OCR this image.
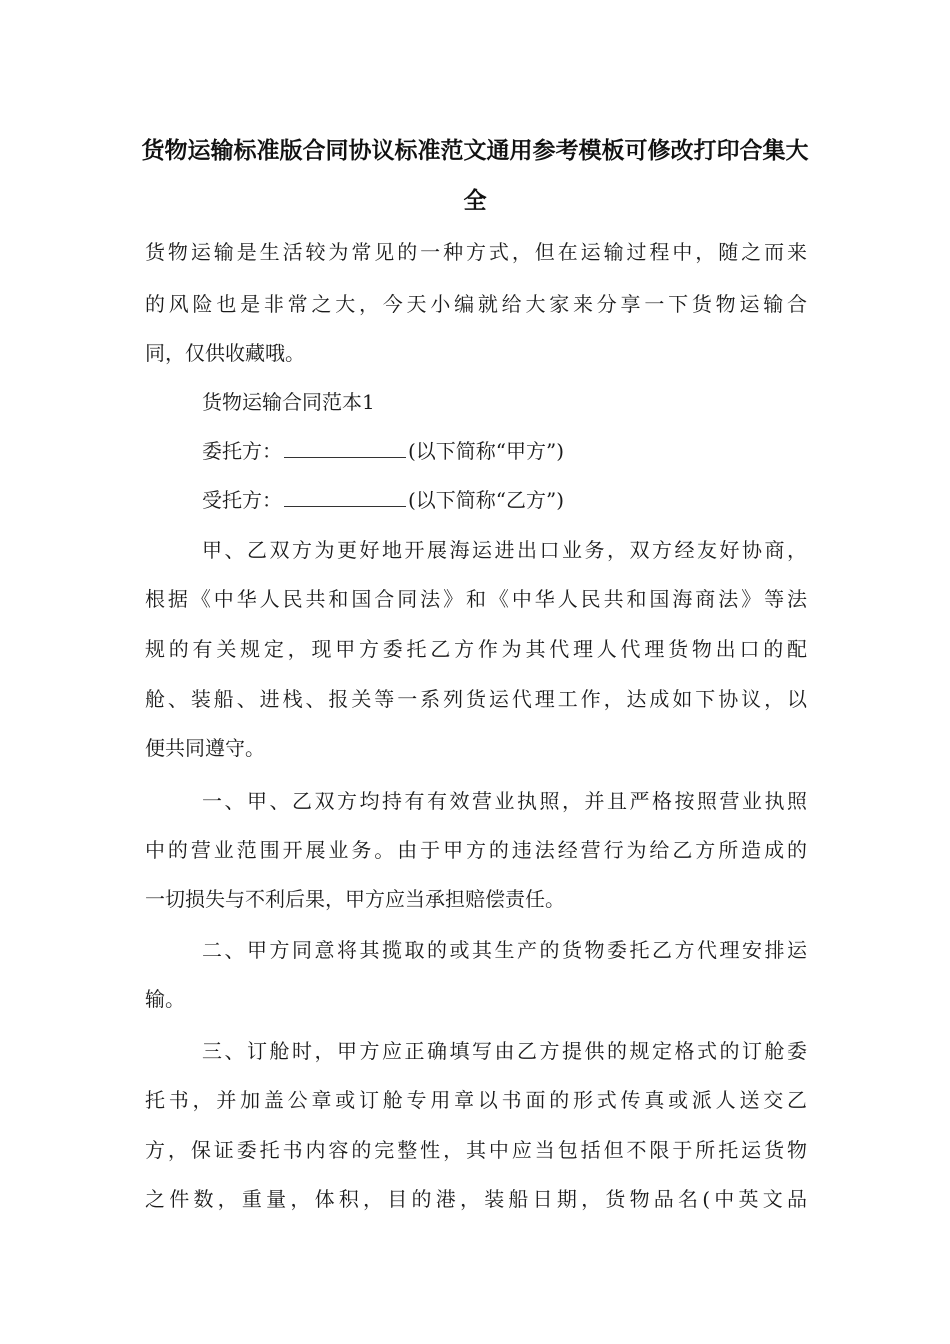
货物运输标准版合同协议标准范文通用参考模板可修改打印合集大
全
货物运输是生活较为常见的一种方式，但在运输过程中，随之而来
的风险也是非常之大，今天小编就给大家来分享一下货物运输合
同，仅供收藏哦。
货物运输合同范本1
委托方：	(以下简称“甲方”)
受托方：	(以下简称“乙方”)
甲、乙双方为更好地开展海运进出口业务，双方经友好协商，
根据《中华人民共和国合同法》和《中华人民共和国海商法》等法
规的有关规定，现甲方委托乙方作为其代理人代理货物出口的配
舱、装船、进栈、报关等一系列货运代理工作，达成如下协议，以
便共同遵守。
一、甲、乙双方均持有有效营业执照，并且严格按照营业执照
中的营业范围开展业务。由于甲方的违法经营行为给乙方所造成的
一切损失与不利后果，甲方应当承担赔偿责任。
二、甲方同意将其揽取的或其生产的货物委托乙方代理安排运
输。
三、订舱时，甲方应正确填写由乙方提供的规定格式的订舱委
托书，并加盖公章或订舱专用章以书面的形式传真或派人送交乙
方，保证委托书内容的完整性，其中应当包括但不限于所托运货物
之件数，重量，体积，目的港，装船日期，货物品名(中英文品
